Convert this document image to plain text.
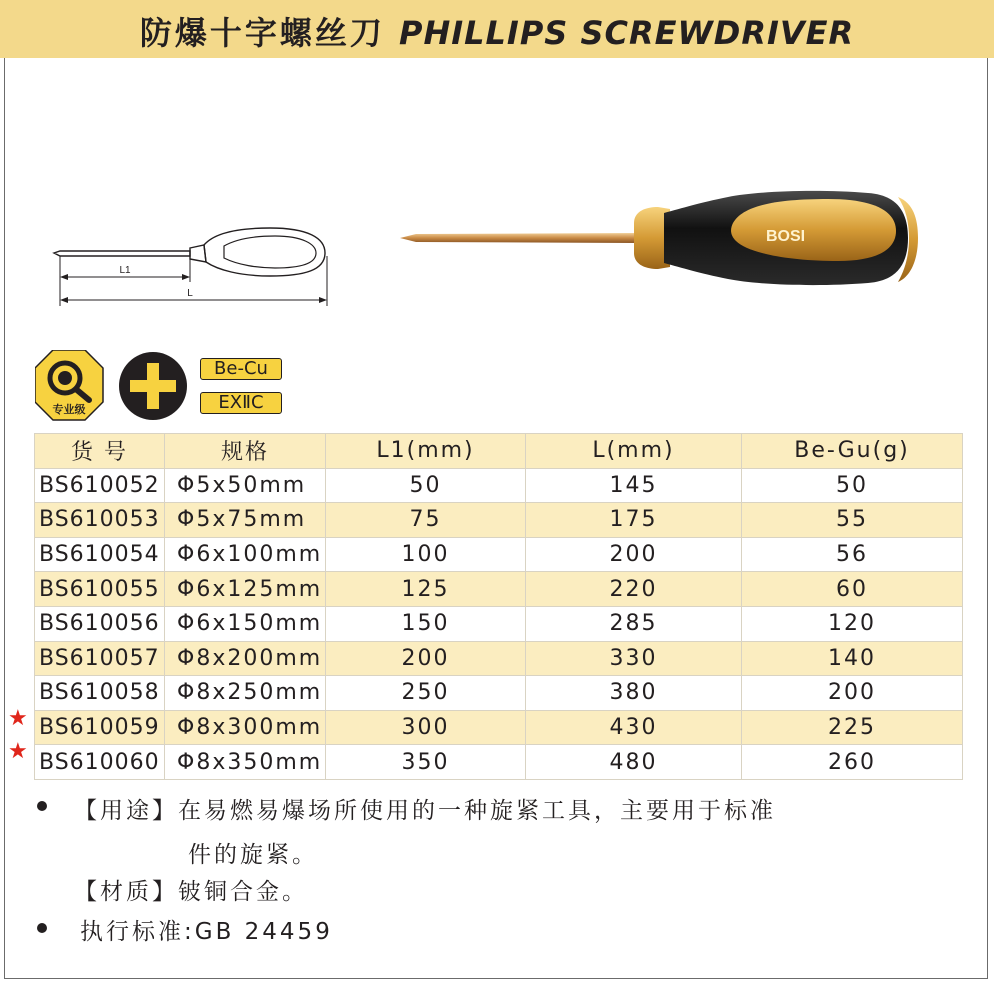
防爆十字螺丝刀 PHILLIPS SCREWDRIVER
L1
L
BOSI
专业级
Be-Cu
EXⅡC
货 号	规格	L1(mm)	L(mm)	Be-Gu(g)
BS610052	Φ5x50mm	50	145	50
BS610053	Φ5x75mm	75	175	55
BS610054	Φ6x100mm	100	200	56
BS610055	Φ6x125mm	125	220	60
BS610056	Φ6x150mm	150	285	120
BS610057	Φ8x200mm	200	330	140
BS610058	Φ8x250mm	250	380	200
BS610059	Φ8x300mm	300	430	225
BS610060	Φ8x350mm	350	480	260
★
★
【用途】在易燃易爆场所使用的一种旋紧工具，主要用于标准
件的旋紧。
【材质】铍铜合金。
执行标准:GB 24459
